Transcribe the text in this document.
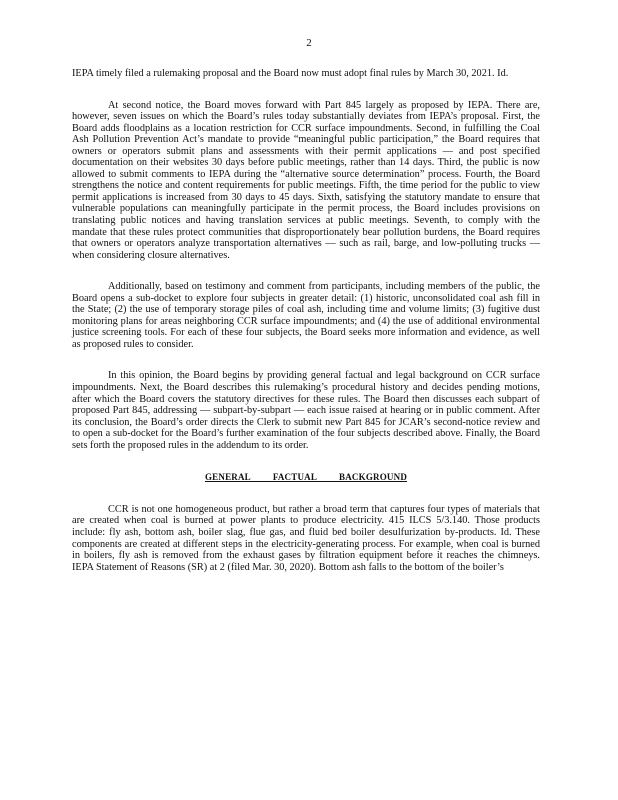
2

IEPA timely filed a rulemaking proposal and the Board now must adopt final rules by March 30, 2021. Id.

At second notice, the Board moves forward with Part 845 largely as proposed by IEPA. There are, however, seven issues on which the Board’s rules today substantially deviates from IEPA’s proposal. First, the Board adds floodplains as a location restriction for CCR surface impoundments. Second, in fulfilling the Coal Ash Pollution Prevention Act’s mandate to provide “meaningful public participation,” the Board requires that owners or operators submit plans and assessments with their permit applications — and post specified documentation on their websites 30 days before public meetings, rather than 14 days. Third, the public is now allowed to submit comments to IEPA during the “alternative source determination” process. Fourth, the Board strengthens the notice and content requirements for public meetings. Fifth, the time period for the public to view permit applications is increased from 30 days to 45 days. Sixth, satisfying the statutory mandate to ensure that vulnerable populations can meaningfully participate in the permit process, the Board includes provisions on translating public notices and having translation services at public meetings. Seventh, to comply with the mandate that these rules protect communities that disproportionately bear pollution burdens, the Board requires that owners or operators analyze transportation alternatives — such as rail, barge, and low-polluting trucks — when considering closure alternatives.

Additionally, based on testimony and comment from participants, including members of the public, the Board opens a sub-docket to explore four subjects in greater detail: (1) historic, unconsolidated coal ash fill in the State; (2) the use of temporary storage piles of coal ash, including time and volume limits; (3) fugitive dust monitoring plans for areas neighboring CCR surface impoundments; and (4) the use of additional environmental justice screening tools. For each of these four subjects, the Board seeks more information and evidence, as well as proposed rules to consider.

In this opinion, the Board begins by providing general factual and legal background on CCR surface impoundments. Next, the Board describes this rulemaking’s procedural history and decides pending motions, after which the Board covers the statutory directives for these rules. The Board then discusses each subpart of proposed Part 845, addressing — subpart-by-subpart — each issue raised at hearing or in public comment. After its conclusion, the Board’s order directs the Clerk to submit new Part 845 for JCAR’s second-notice review and to open a sub-docket for the Board’s further examination of the four subjects described above. Finally, the Board sets forth the proposed rules in the addendum to its order.

GENERAL FACTUAL BACKGROUND

CCR is not one homogeneous product, but rather a broad term that captures four types of materials that are created when coal is burned at power plants to produce electricity. 415 ILCS 5/3.140. Those products include: fly ash, bottom ash, boiler slag, flue gas, and fluid bed boiler desulfurization by-products. Id. These components are created at different steps in the electricity-generating process. For example, when coal is burned in boilers, fly ash is removed from the exhaust gases by filtration equipment before it reaches the chimneys. IEPA Statement of Reasons (SR) at 2 (filed Mar. 30, 2020). Bottom ash falls to the bottom of the boiler’s
